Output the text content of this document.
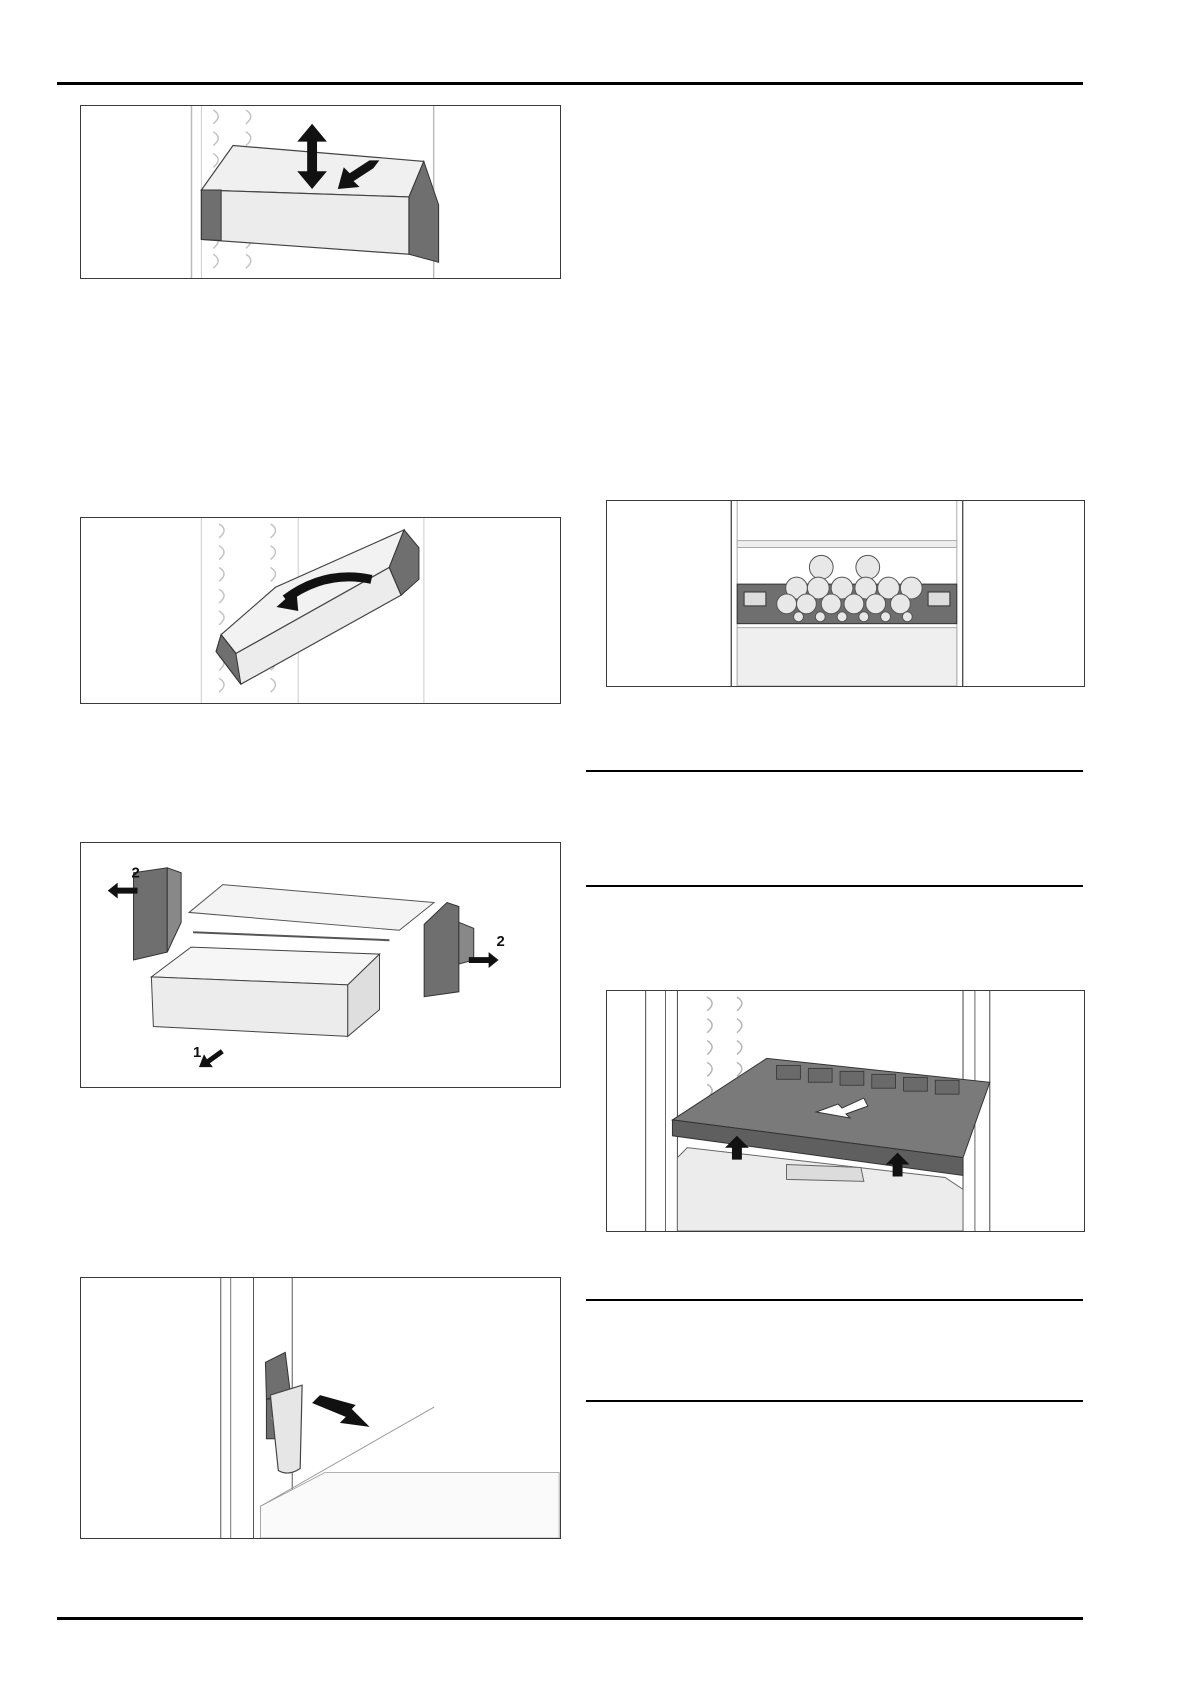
2
2
1
